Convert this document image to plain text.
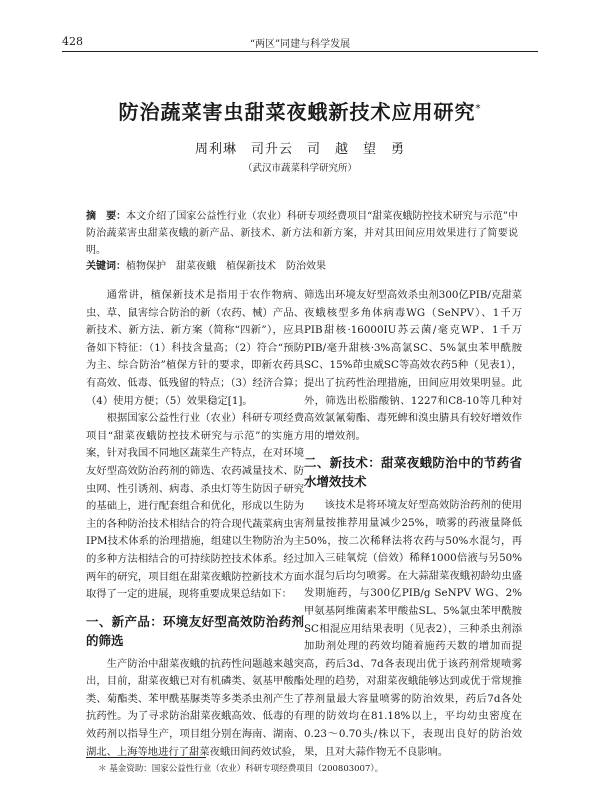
428	“两区”同建与科学发展
防治蔬菜害虫甜菜夜蛾新技术应用研究*
周利琳　司升云　司　越　望　勇
（武汉市蔬菜科学研究所）
摘　要：本文介绍了国家公益性行业（农业）科研专项经费项目“甜菜夜蛾防控技术研究与示范”中防治蔬菜害虫甜菜夜蛾的新产品、新技术、新方法和新方案，并对其田间应用效果进行了简要说明。
关键词：植物保护　甜菜夜蛾　植保新技术　防治效果

通常讲，植保新技术是指用于农作物病、虫、草、鼠害综合防治的新（农药、械）产品、新技术、新方法、新方案（简称“四新”），应具备如下特征：（1）科技含量高；（2）符合“预防为主、综合防治”植保方针的要求，即新农药具有高效、低毒、低残留的特点；（3）经济合算；（4）使用方便；（5）效果稳定[1]。

根据国家公益性行业（农业）科研专项经费项目“甜菜夜蛾防控技术研究与示范”的实施方案，针对我国不同地区蔬菜生产特点，在对环境友好型高效防治药剂的筛选、农药减量技术、防虫网、性引诱剂、病毒、杀虫灯等生防因子研究的基础上，进行配套组合和优化，形成以生防为主的各种防治技术相结合的符合现代蔬菜病虫害IPM技术体系的治理措施，组建以生物防治为主的多种方法相结合的可持续防控技术体系。经过两年的研究，项目组在甜菜夜蛾防控新技术方面取得了一定的进展，现将重要成果总结如下：

一、新产品：环境友好型高效防治药剂的筛选

生产防治中甜菜夜蛾的抗药性问题越来越突出，目前，甜菜夜蛾已对有机磷类、氨基甲酸酯类、菊酯类、苯甲酰基脲类等多类杀虫剂产生了抗药性。为了寻求防治甜菜夜蛾高效、低毒的有效药剂以指导生产，项目组分别在海南、湖南、湖北、上海等地进行了甜菜夜蛾田间药效试验，

筛选出环境友好型高效杀虫剂300亿PIB/克甜菜夜蛾核型多角体病毒WG（SeNPV）、1千万PIB甜核·16000IU苏云菌/毫克WP、1千万PIB/毫升甜核·3%高氯SC、5%氯虫苯甲酰胺SC、15%茚虫威SC等高效农药5种（见表1），提出了抗药性治理措施，田间应用效果明显。此外，筛选出松脂酸钠、1227和C8-10等几种対高效氯氰菊酯、毒死蜱和溴虫腈具有较好增效作用的增效剂。

二、新技术：甜菜夜蛾防治中的节药省水增效技术

该技术是将环境友好型高效防治药剂的使用剂量按推荐用量减少25%，喷雾的药液量降低50%，按二次稀释法将农药与50%水混匀，再加入三硅氧烷（倍效）稀释1000倍液与另50%水混匀后均匀喷雾。在大蒜甜菜夜蛾初龄幼虫盛发期施药，与300亿PIB/g SeNPV WG、2%甲氨基阿维菌素苯甲酸盐SL、5%氯虫苯甲酰胺SC相混应用结果表明（见表2），三种杀虫剂添加助剂处理的药效均随着施药天数的增加而提高，药后3d、7d各表现出优于该药剂常规喷雾处理的趋势，对甜菜夜蛾能够达到或优于常规推荐剂量最大容量喷雾的防治效果，药后7d各处理的防效均在81.18%以上，平均幼虫密度在0.23～0.70头/株以下，表现出良好的防治效果，且对大蒜作物无不良影响。

＊ 基金资助：国家公益性行业（农业）科研专项经费项目（200803007）。
